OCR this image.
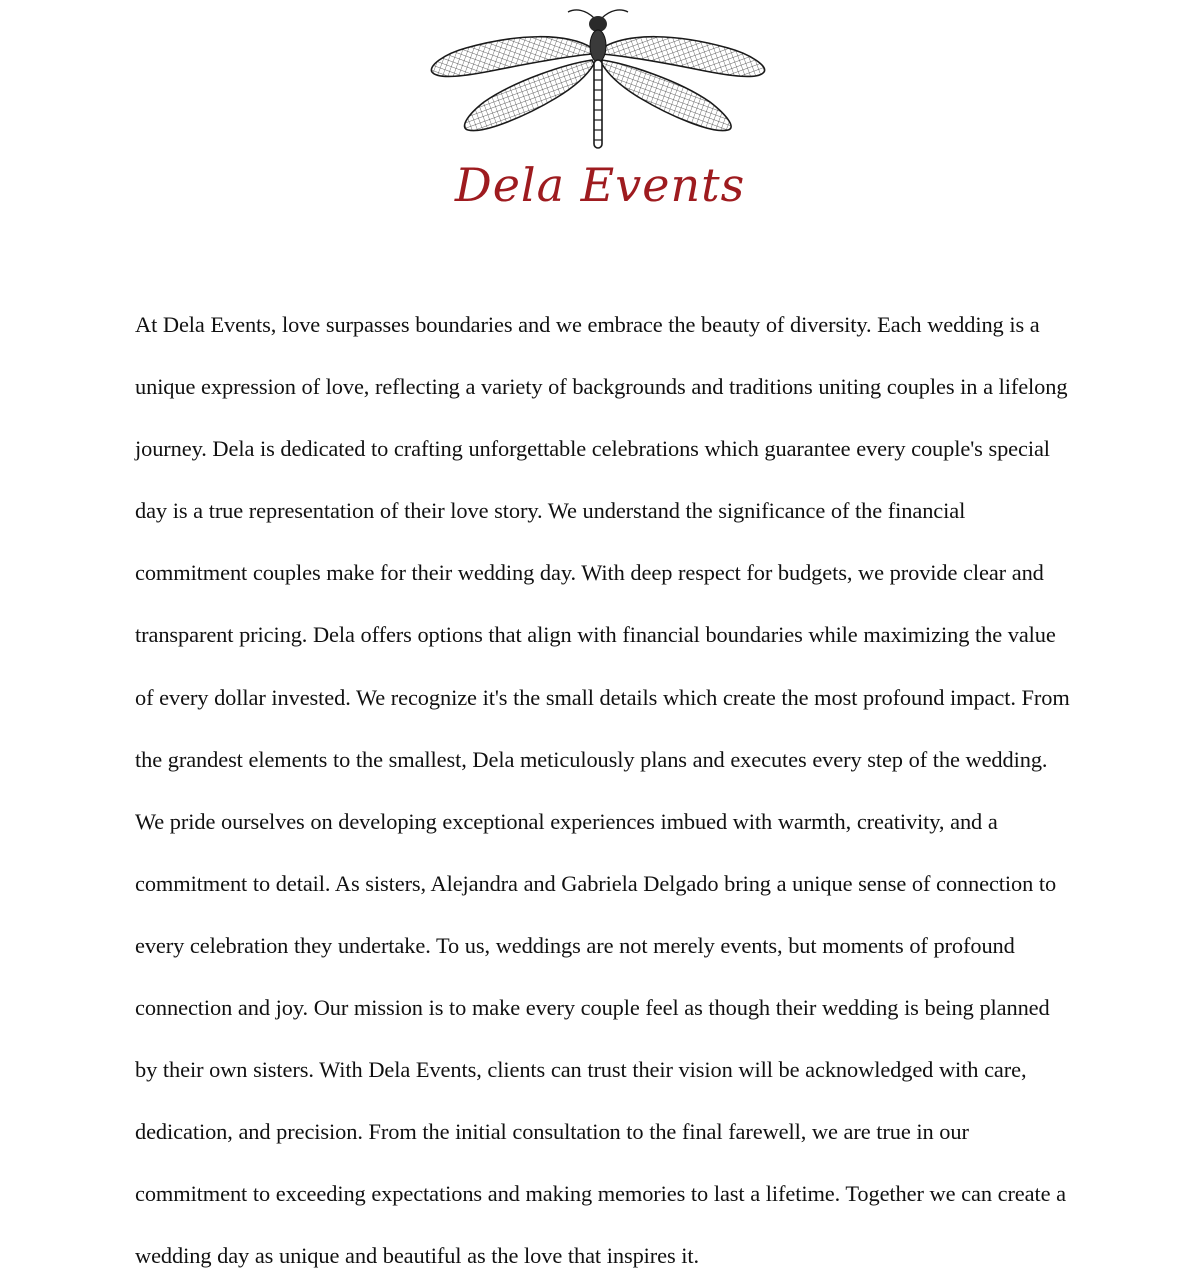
Dela Events

At Dela Events, love surpasses boundaries and we embrace the beauty of diversity. Each wedding is a unique expression of love, reflecting a variety of backgrounds and traditions uniting couples in a lifelong journey. Dela is dedicated to crafting unforgettable celebrations which guarantee every couple's special day is a true representation of their love story. We understand the significance of the financial commitment couples make for their wedding day. With deep respect for budgets, we provide clear and transparent pricing. Dela offers options that align with financial boundaries while maximizing the value of every dollar invested. We recognize it's the small details which create the most profound impact. From the grandest elements to the smallest, Dela meticulously plans and executes every step of the wedding. We pride ourselves on developing exceptional experiences imbued with warmth, creativity, and a commitment to detail. As sisters, Alejandra and Gabriela Delgado bring a unique sense of connection to every celebration they undertake. To us, weddings are not merely events, but moments of profound connection and joy. Our mission is to make every couple feel as though their wedding is being planned by their own sisters. With Dela Events, clients can trust their vision will be acknowledged with care, dedication, and precision. From the initial consultation to the final farewell, we are true in our commitment to exceeding expectations and making memories to last a lifetime. Together we can create a wedding day as unique and beautiful as the love that inspires it.
